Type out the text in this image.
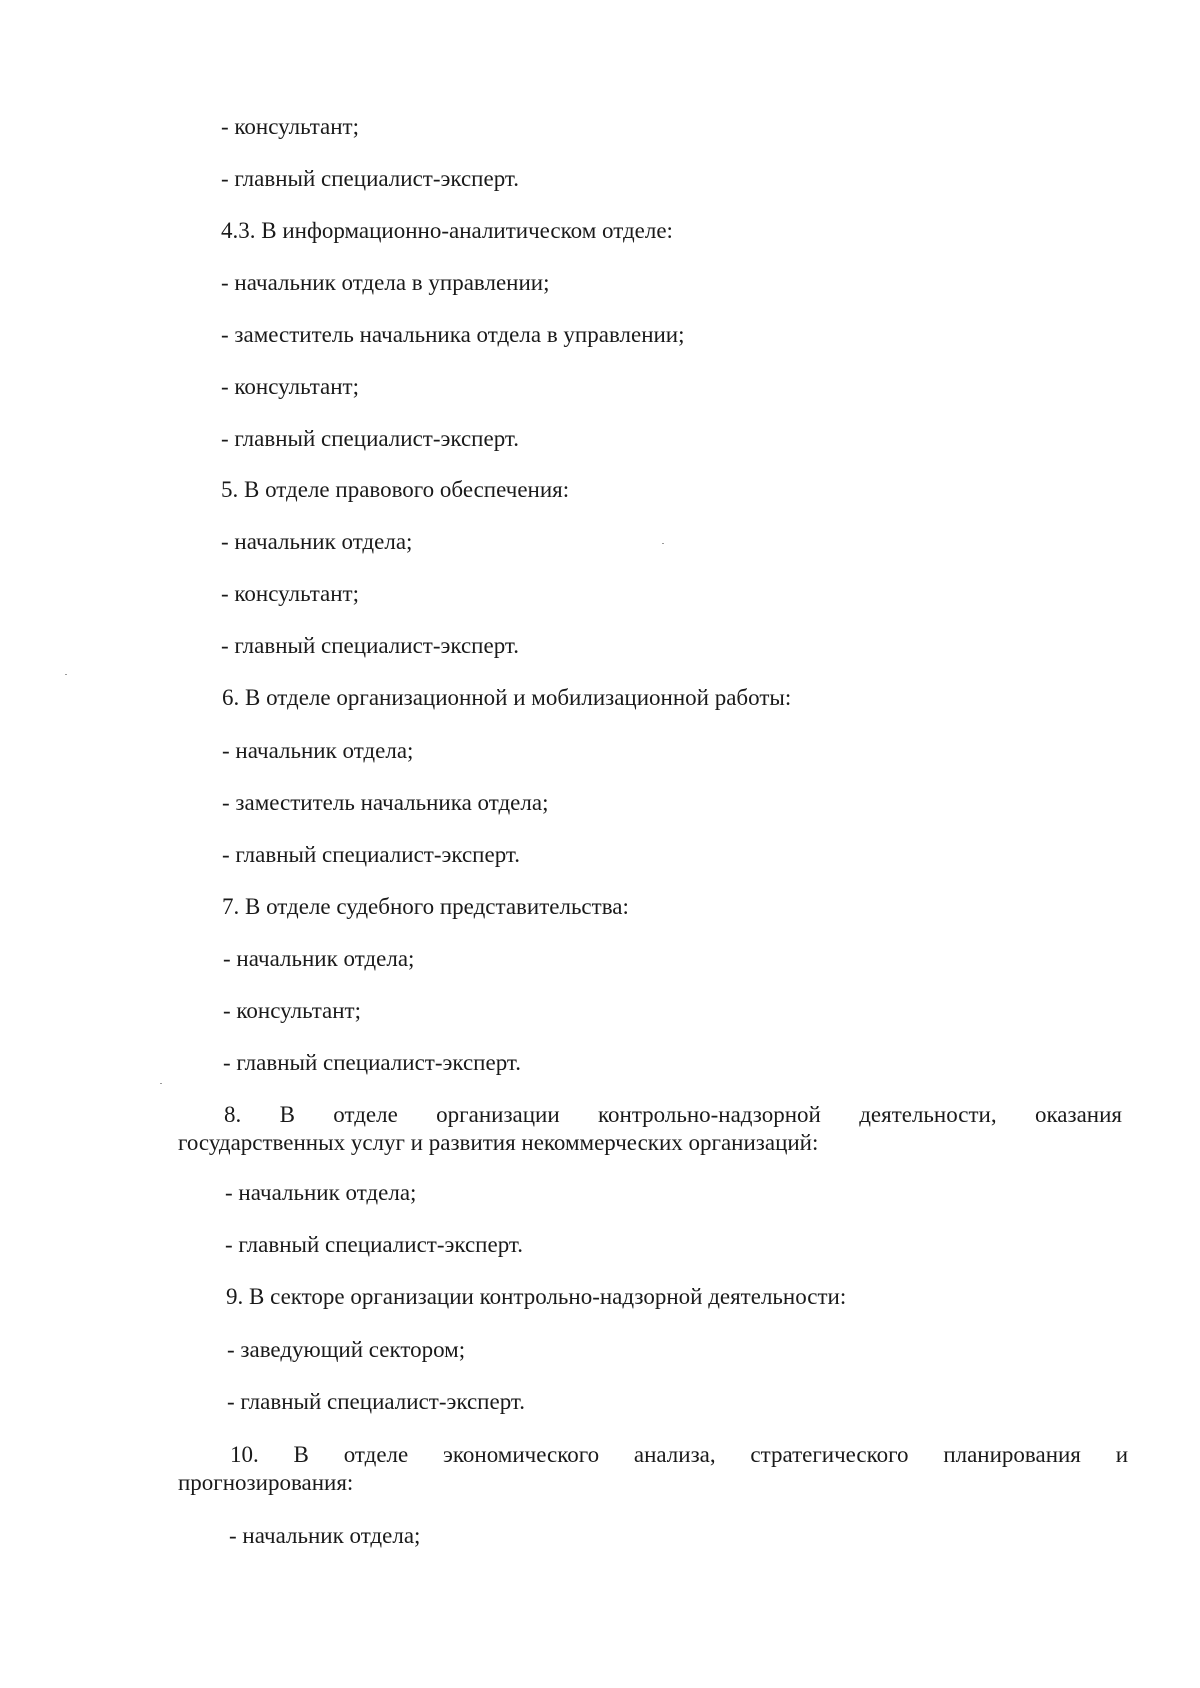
- консультант;
- главный специалист-эксперт.
4.3. В информационно-аналитическом отделе:
- начальник отдела в управлении;
- заместитель начальника отдела в управлении;
- консультант;
- главный специалист-эксперт.
5. В отделе правового обеспечения:
- начальник отдела;
- консультант;
- главный специалист-эксперт.
6. В отделе организационной и мобилизационной работы:
- начальник отдела;
- заместитель начальника отдела;
- главный специалист-эксперт.
7. В отделе судебного представительства:
- начальник отдела;
- консультант;
- главный специалист-эксперт.
8. В отделе организации контрольно-надзорной деятельности, оказания
государственных услуг и развития некоммерческих организаций:
- начальник отдела;
- главный специалист-эксперт.
9. В секторе организации контрольно-надзорной деятельности:
- заведующий сектором;
- главный специалист-эксперт.
10. В отделе экономического анализа, стратегического планирования и
прогнозирования:
- начальник отдела;
